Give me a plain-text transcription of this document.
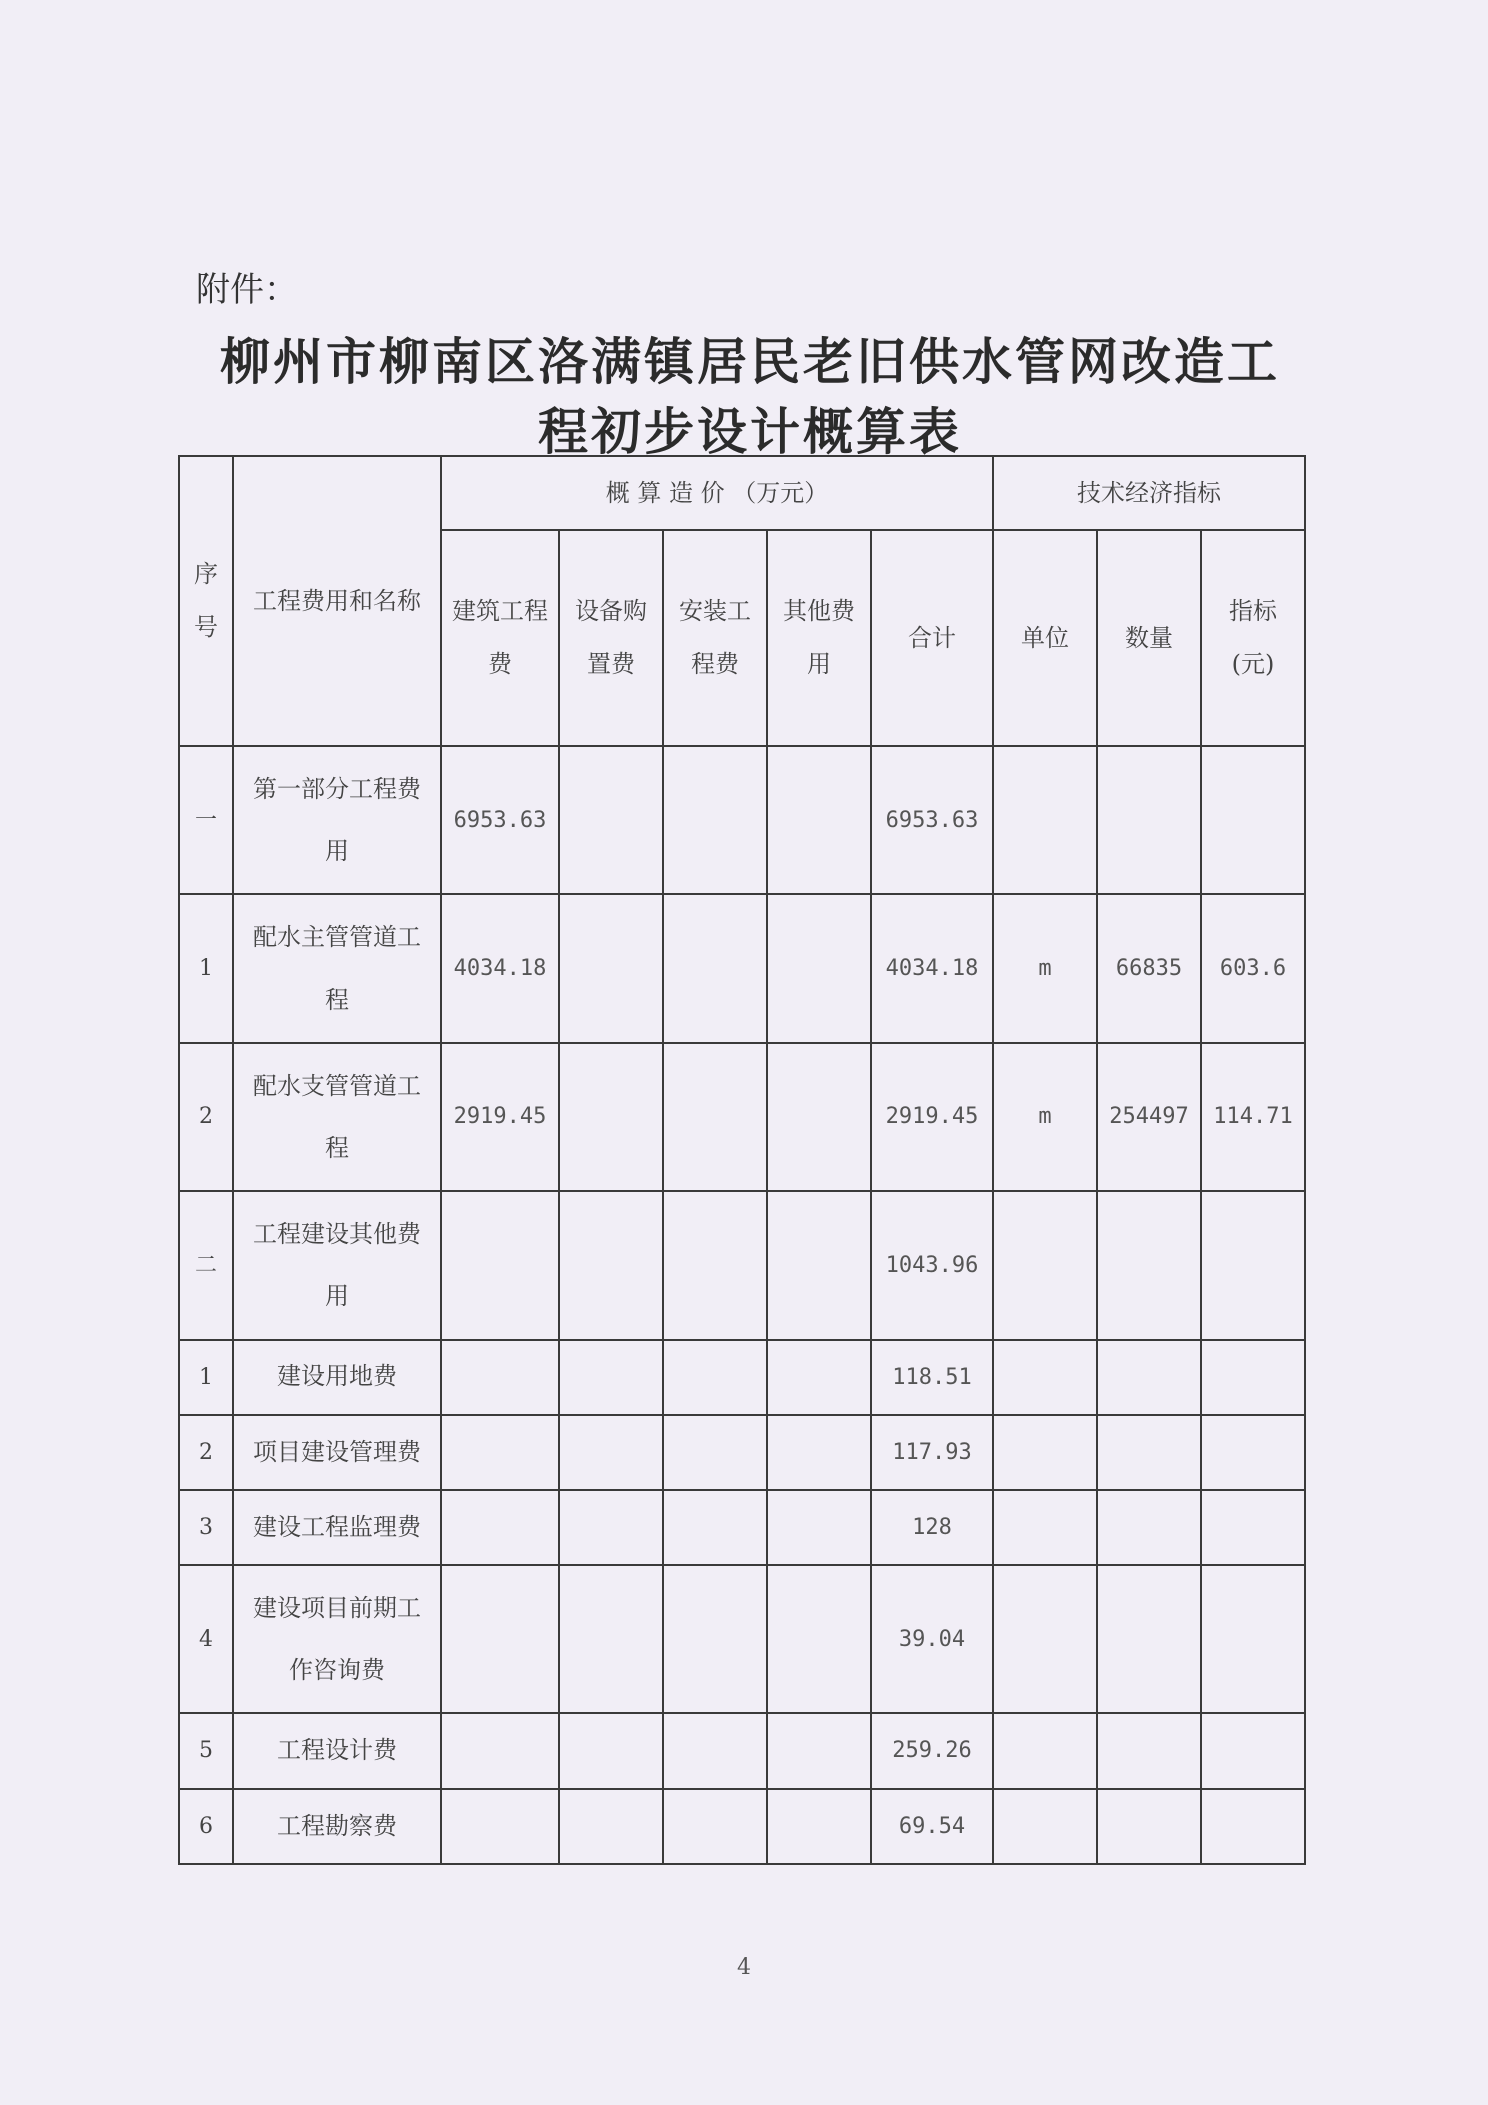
附件：
柳州市柳南区洛满镇居民老旧供水管网改造工
程初步设计概算表
序号	工程费用和名称	概 算 造 价 （万元）					技术经济指标		
		建筑工程费	设备购置费	安装工程费	其他费用	合计	单位	数量	指标(元)
一	第一部分工程费用	6953.63				6953.63			
1	配水主管管道工程	4034.18				4034.18	m	66835	603.6
2	配水支管管道工程	2919.45				2919.45	m	254497	114.71
二	工程建设其他费用					1043.96			
1	建设用地费					118.51			
2	项目建设管理费					117.93			
3	建设工程监理费					128			
4	建设项目前期工作咨询费					39.04			
5	工程设计费					259.26			
6	工程勘察费					69.54			
4
